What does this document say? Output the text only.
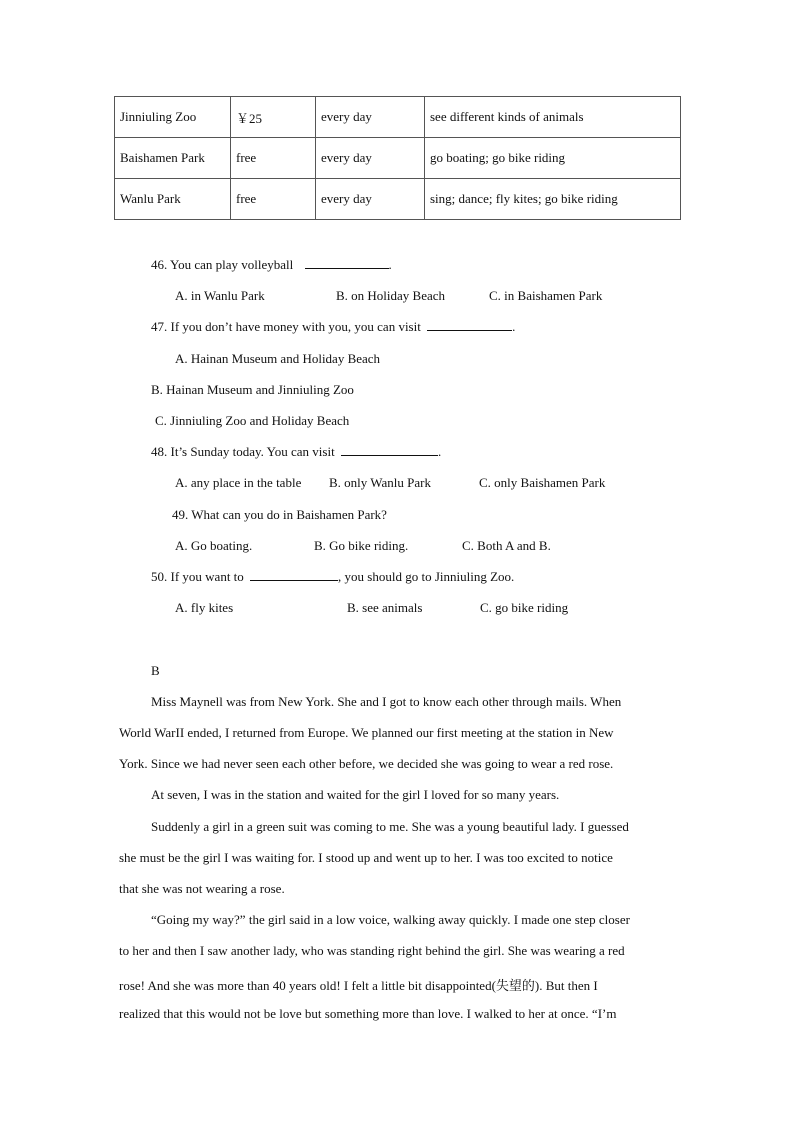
Jinniuling Zoo	￥25	every day	see different kinds of animals
Baishamen Park	free	every day	go boating; go bike riding
Wanlu Park	free	every day	sing; dance; fly kites; go bike riding
46. You can play volleyball	.
A. in Wanlu Park	B. on Holiday Beach	C. in Baishamen Park
47. If you don’t have money with you, you can visit	.
A. Hainan Museum and Holiday Beach
B. Hainan Museum and Jinniuling Zoo
C. Jinniuling Zoo and Holiday Beach
48. It’s Sunday today. You can visit	.
A. any place in the table B. only Wanlu Park	C. only Baishamen Park
49. What can you do in Baishamen Park?
A. Go boating.	B. Go bike riding.	C. Both A and B.
50. If you want to	, you should go to Jinniuling Zoo.
A. fly kites	B. see animals	C. go bike riding
B
Miss Maynell was from New York. She and I got to know each other through mails. When
World WarII ended, I returned from Europe. We planned our first meeting at the station in New
York. Since we had never seen each other before, we decided she was going to wear a red rose.
At seven, I was in the station and waited for the girl I loved for so many years.
Suddenly a girl in a green suit was coming to me. She was a young beautiful lady. I guessed
she must be the girl I was waiting for. I stood up and went up to her. I was too excited to notice
that she was not wearing a rose.
“Going my way?” the girl said in a low voice, walking away quickly. I made one step closer
to her and then I saw another lady, who was standing right behind the girl. She was wearing a red
rose! And she was more than 40 years old! I felt a little bit disappointed(失望的). But then I
realized that this would not be love but something more than love. I walked to her at once. “I’m
